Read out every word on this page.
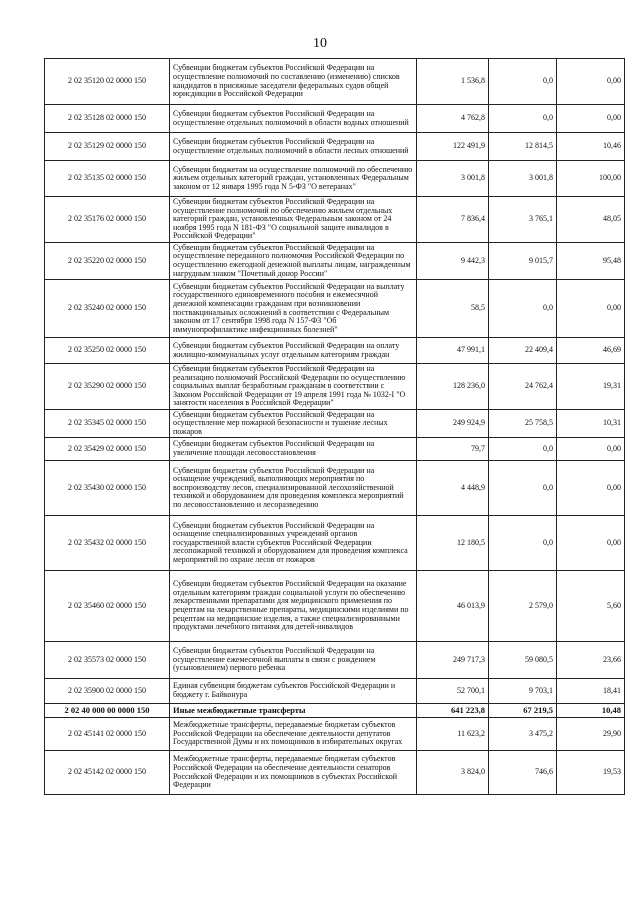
10
2 02 35120 02 0000 150	Субвенции бюджетам субъектов Российской Федерации на осуществление полномочий по составлению (изменению) списков кандидатов в присяжные заседатели федеральных судов общей юрисдикции в Российской Федерации	1 536,8	0,0	0,00
2 02 35128 02 0000 150	Субвенции бюджетам субъектов Российской Федерации на осуществление отдельных полномочий в области водных отношений	4 762,8	0,0	0,00
2 02 35129 02 0000 150	Субвенции бюджетам субъектов Российской Федерации на осуществление отдельных полномочий в области лесных отношений	122 491,9	12 814,5	10,46
2 02 35135 02 0000 150	Субвенции бюджетам на осуществление полномочий по обеспечению жильем отдельных категорий граждан, установленных Федеральным законом от 12 января 1995 года N 5-ФЗ "О ветеранах"	3 001,8	3 001,8	100,00
2 02 35176 02 0000 150	Субвенции бюджетам субъектов Российской Федерации на осуществление полномочий по обеспечению жильем отдельных категорий граждан, установленных Федеральным законом от 24 ноября 1995 года N 181-ФЗ "О социальной защите инвалидов в Российской Федерации"	7 836,4	3 765,1	48,05
2 02 35220 02 0000 150	Субвенции бюджетам субъектов Российской Федерации на осуществление переданного полномочия Российской Федерации по осуществлению ежегодной денежной выплаты лицам, награжденным нагрудным знаком "Почетный донор России"	9 442,3	9 015,7	95,48
2 02 35240 02 0000 150	Субвенции бюджетам субъектов Российской Федерации на выплату государственного единовременного пособия и ежемесячной денежной компенсации гражданам при возникновении поствакцинальных осложнений в соответствии с Федеральным законом от 17 сентября 1998 года N 157-ФЗ "Об иммунопрофилактике инфекционных болезней"	58,5	0,0	0,00
2 02 35250 02 0000 150	Субвенции бюджетам субъектов Российской Федерации на оплату жилищно-коммунальных услуг отдельным категориям граждан	47 991,1	22 409,4	46,69
2 02 35290 02 0000 150	Субвенции бюджетам субъектов Российской Федерации на реализацию полномочий Российской Федерации по осуществлению социальных выплат безработным гражданам в соответствии с Законом Российской Федерации от 19 апреля 1991 года № 1032-I "О занятости населения в Российской Федерации"	128 236,0	24 762,4	19,31
2 02 35345 02 0000 150	Субвенции бюджетам субъектов Российской Федерации на осуществление мер пожарной безопасности и тушение лесных пожаров	249 924,9	25 758,5	10,31
2 02 35429 02 0000 150	Субвенции бюджетам субъектов Российской Федерации на увеличение площади лесовосстановления	79,7	0,0	0,00
2 02 35430 02 0000 150	Субвенции бюджетам субъектов Российской Федерации на оснащение учреждений, выполняющих мероприятия по воспроизводству лесов, специализированной лесохозяйственной техникой и оборудованием для проведения комплекса мероприятий по лесовосстановлению и лесоразведению	4 448,9	0,0	0,00
2 02 35432 02 0000 150	Субвенции бюджетам субъектов Российской Федерации на оснащение специализированных учреждений органов государственной власти субъектов Российской Федерации лесопожарной техникой и оборудованием для проведения комплекса мероприятий по охране лесов от пожаров	12 180,5	0,0	0,00
2 02 35460 02 0000 150	Субвенции бюджетам субъектов Российской Федерации на оказание отдельным категориям граждан социальной услуги по обеспечению лекарственными препаратами для медицинского применения по рецептам на лекарственные препараты, медицинскими изделиями по рецептам на медицинские изделия, а также специализированными продуктами лечебного питания для детей-инвалидов	46 013,9	2 579,0	5,60
2 02 35573 02 0000 150	Субвенции бюджетам субъектов Российской Федерации на осуществление ежемесячной выплаты в связи с рождением (усыновлением) первого ребенка	249 717,3	59 080,5	23,66
2 02 35900 02 0000 150	Единая субвенция бюджетам субъектов Российской Федерации и бюджету г. Байконура	52 700,1	9 703,1	18,41
2 02 40 000 00 0000 150	Иные межбюджетные трансферты	641 223,8	67 219,5	10,48
2 02 45141 02 0000 150	Межбюджетные трансферты, передаваемые бюджетам субъектов Российской Федерации на обеспечение деятельности депутатов Государственной Думы и их помощников в избирательных округах	11 623,2	3 475,2	29,90
2 02 45142 02 0000 150	Межбюджетные трансферты, передаваемые бюджетам субъектов Российской Федерации на обеспечение деятельности сенаторов Российской Федерации и их помощников в субъектах Российской Федерации	3 824,0	746,6	19,53
